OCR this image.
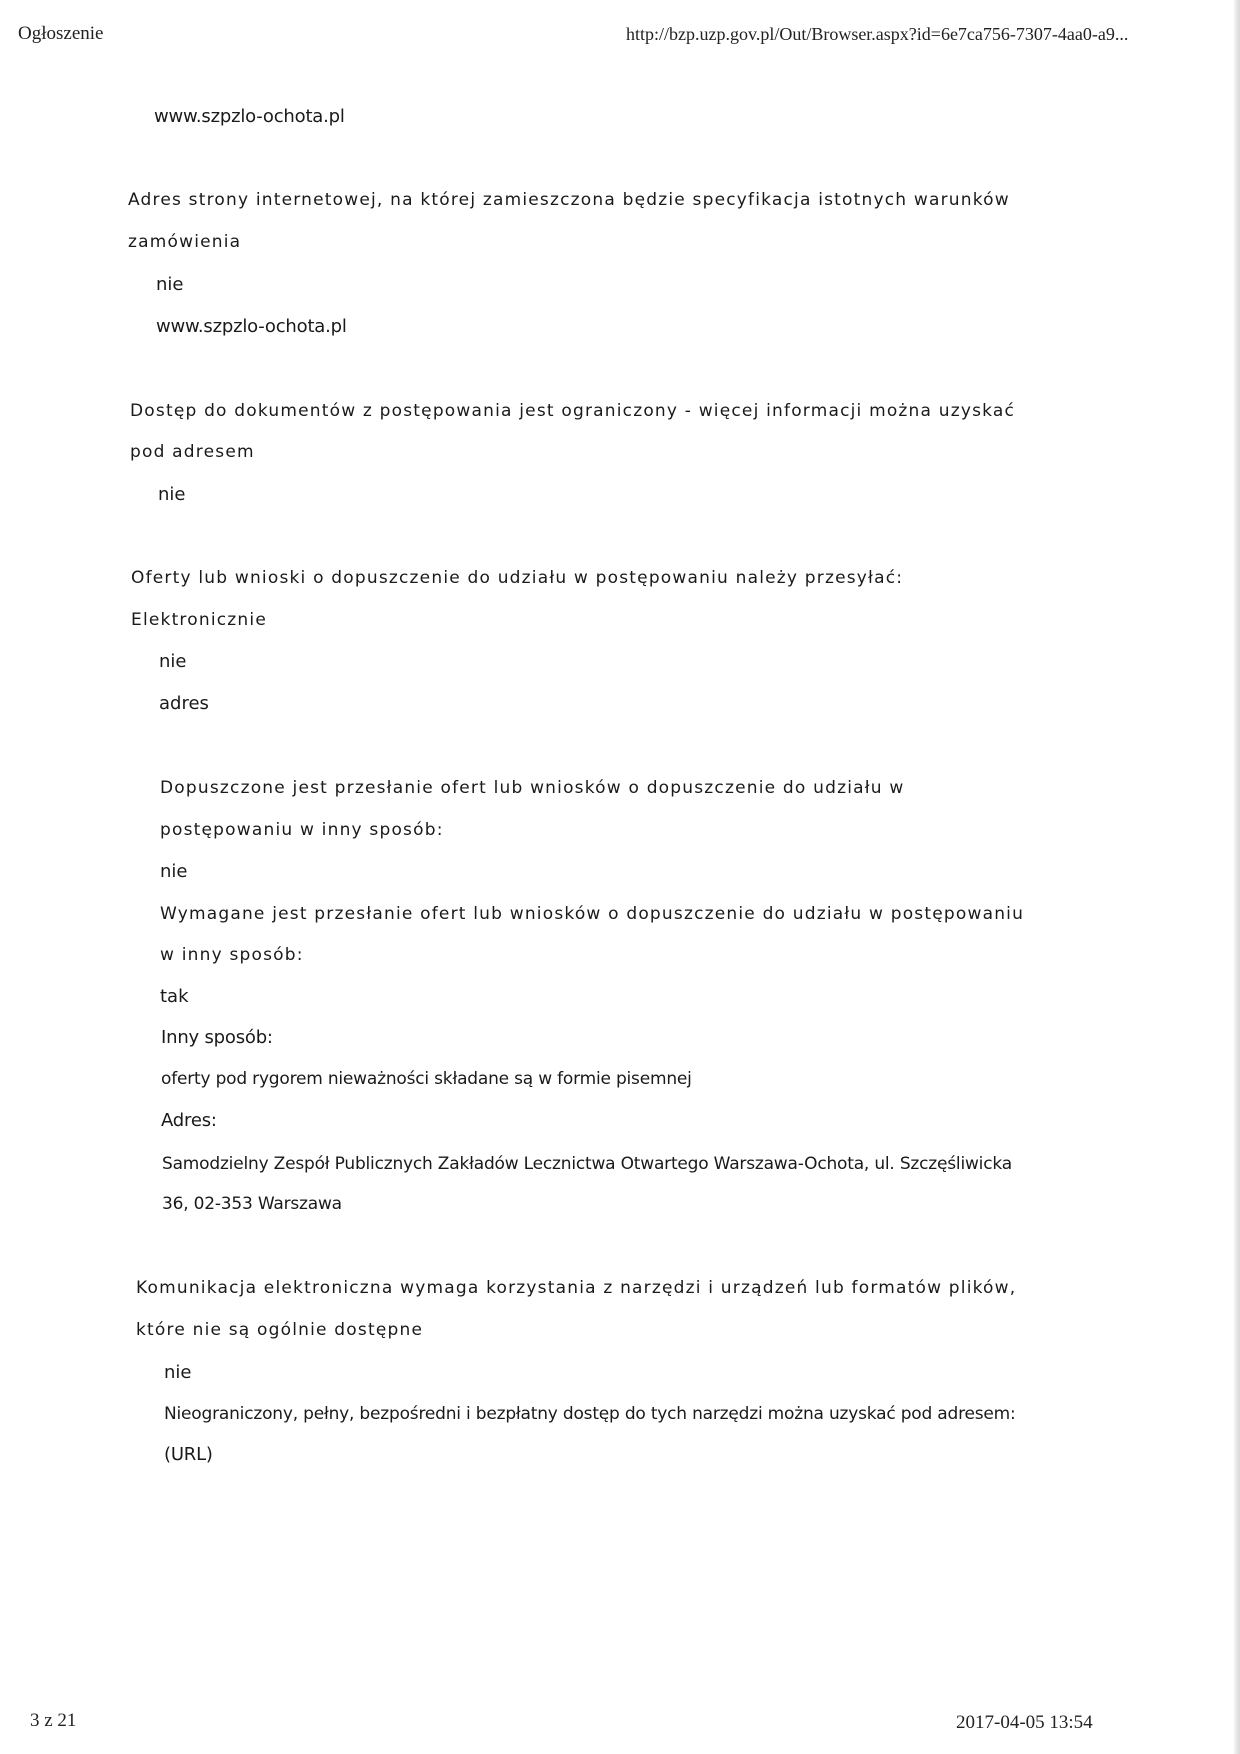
Ogłoszenie	http://bzp.uzp.gov.pl/Out/Browser.aspx?id=6e7ca756-7307-4aa0-a9...
www.szpzlo-ochota.pl
Adres strony internetowej, na której zamieszczona będzie specyfikacja istotnych warunków
zamówienia
nie
www.szpzlo-ochota.pl
Dostęp do dokumentów z postępowania jest ograniczony - więcej informacji można uzyskać
pod adresem
nie
Oferty lub wnioski o dopuszczenie do udziału w postępowaniu należy przesyłać:
Elektronicznie
nie
adres
Dopuszczone jest przesłanie ofert lub wniosków o dopuszczenie do udziału w
postępowaniu w inny sposób:
nie
Wymagane jest przesłanie ofert lub wniosków o dopuszczenie do udziału w postępowaniu
w inny sposób:
tak
Inny sposób:
oferty pod rygorem nieważności składane są w formie pisemnej
Adres:
Samodzielny Zespół Publicznych Zakładów Lecznictwa Otwartego Warszawa-Ochota, ul. Szczęśliwicka
36, 02-353 Warszawa
Komunikacja elektroniczna wymaga korzystania z narzędzi i urządzeń lub formatów plików,
które nie są ogólnie dostępne
nie
Nieograniczony, pełny, bezpośredni i bezpłatny dostęp do tych narzędzi można uzyskać pod adresem:
(URL)
3 z 21	2017-04-05 13:54
